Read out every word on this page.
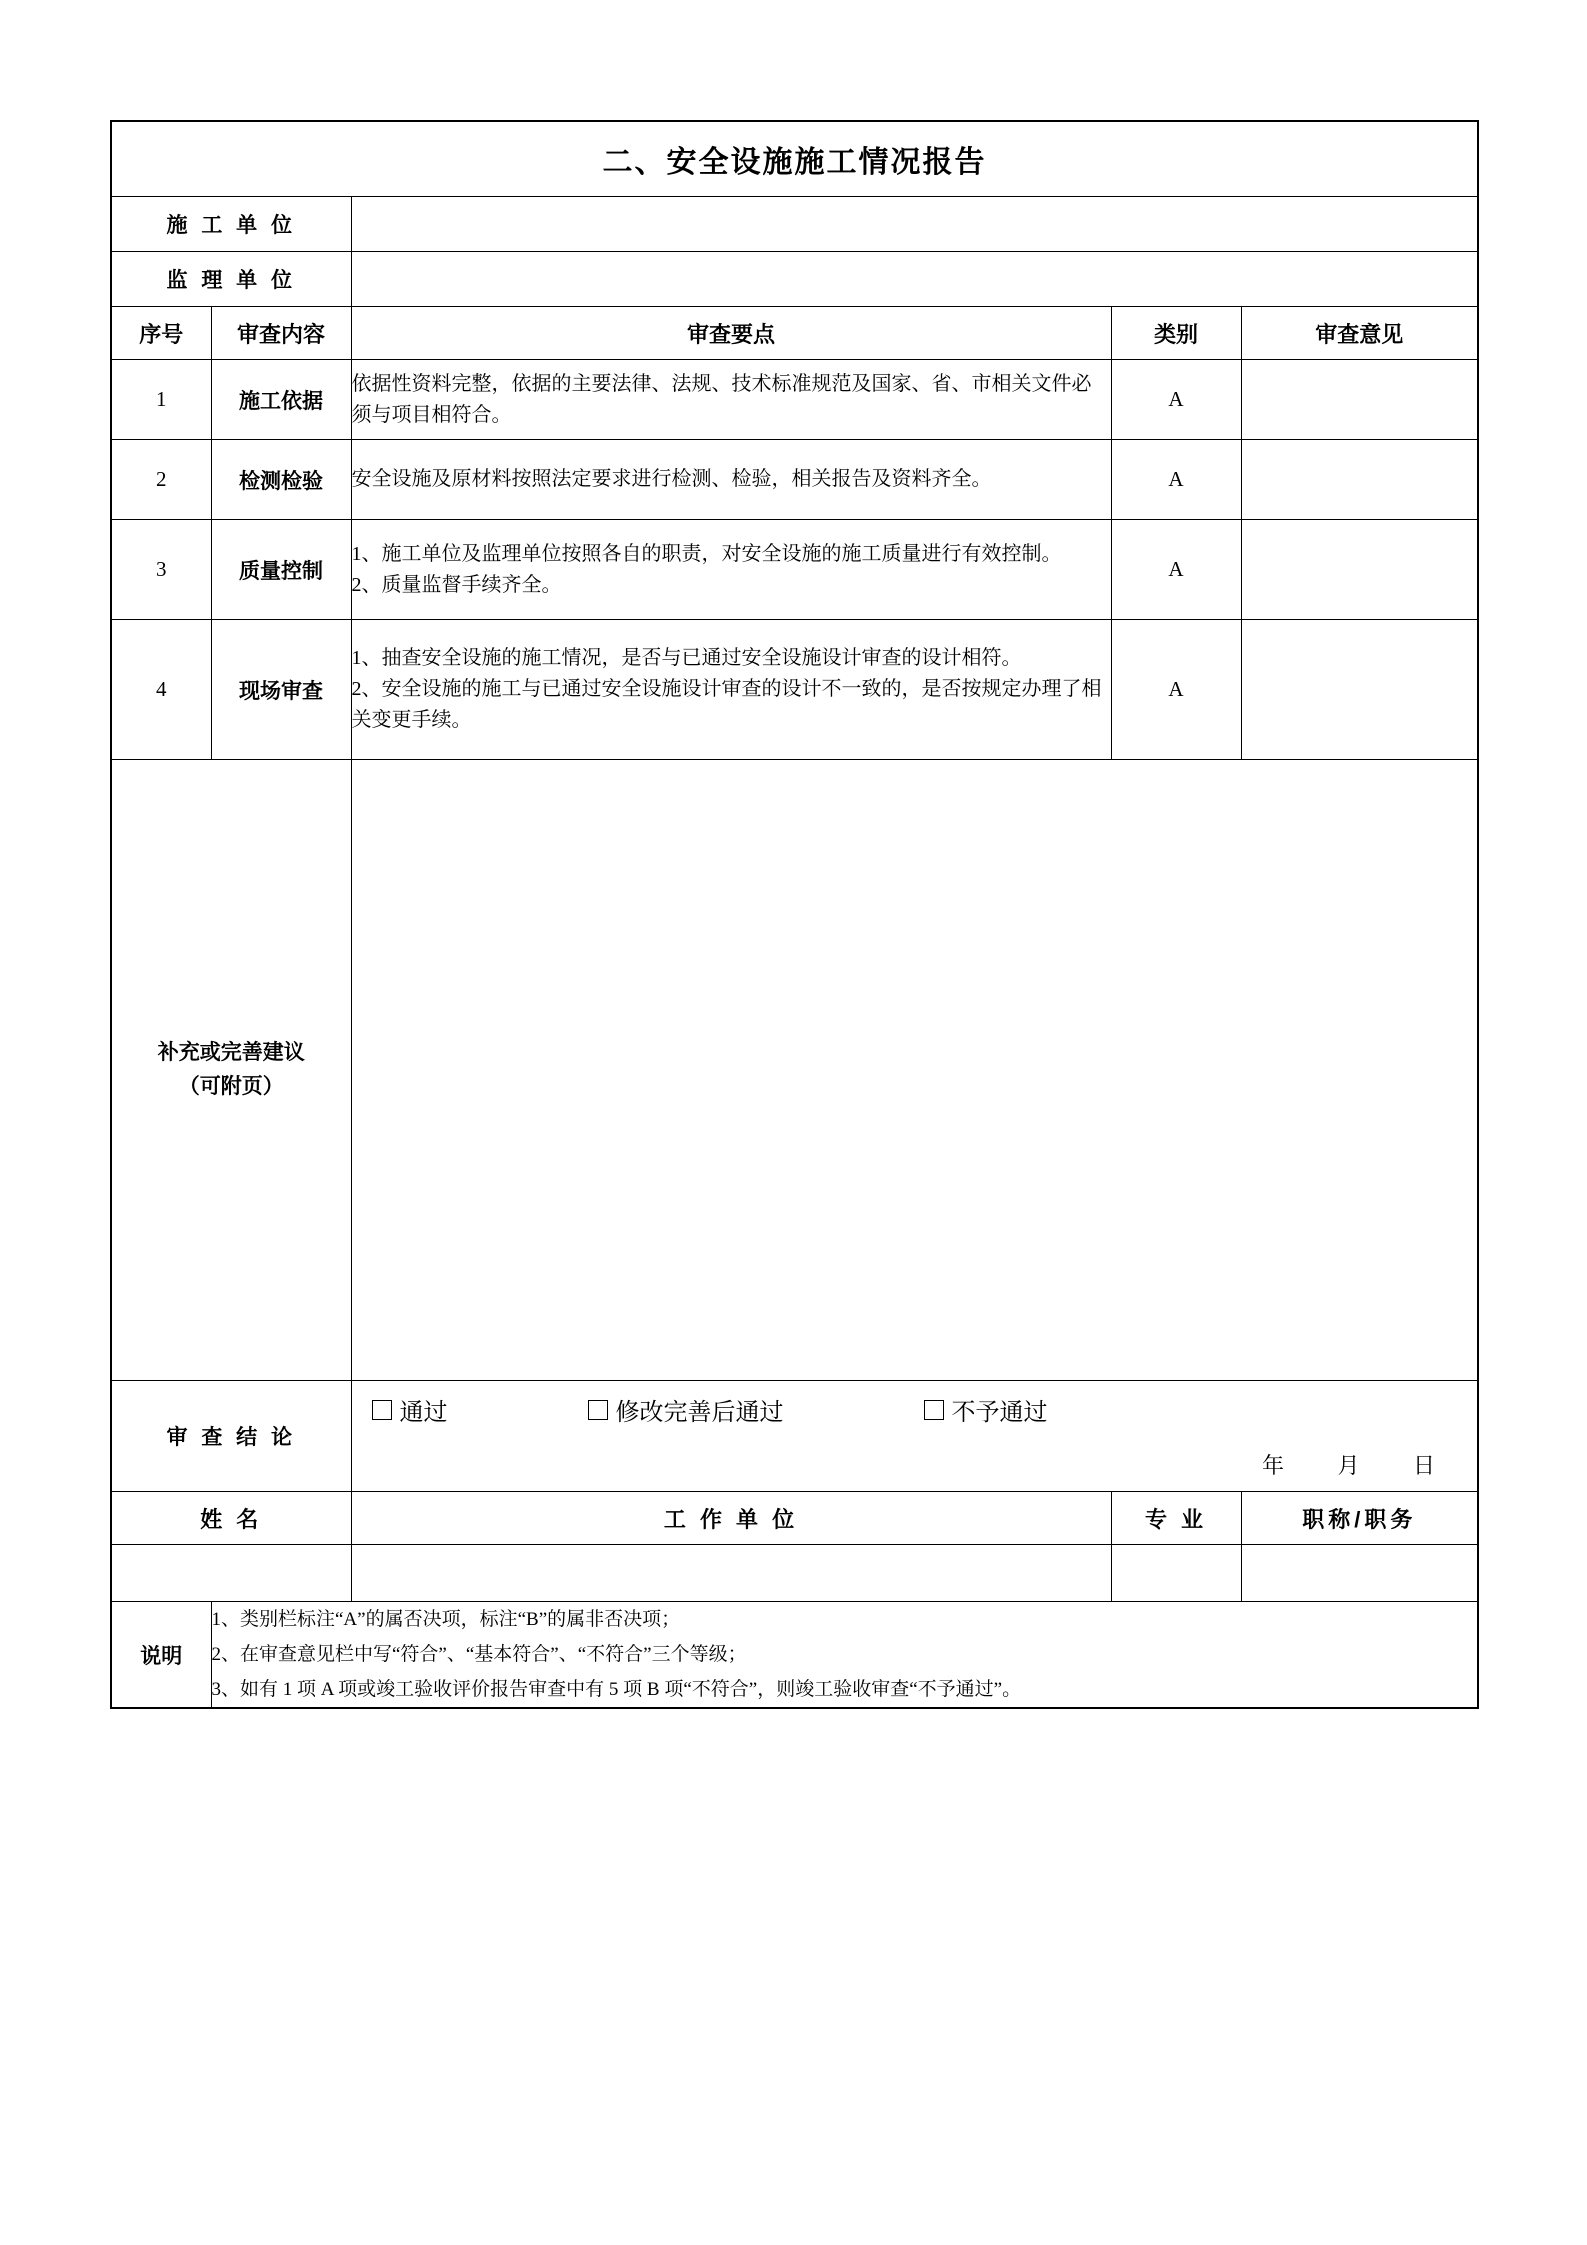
二、安全设施施工情况报告				
施 工 单 位				
监 理 单 位				
序号	审查内容	审查要点	类别	审查意见
1	施工依据	依据性资料完整，依据的主要法律、法规、技术标准规范及国家、省、市相关文件必须与项目相符合。	A	
2	检测检验	安全设施及原材料按照法定要求进行检测、检验，相关报告及资料齐全。	A	
3	质量控制	1、施工单位及监理单位按照各自的职责，对安全设施的施工质量进行有效控制。
2、质量监督手续齐全。	A	
4	现场审查	1、抽查安全设施的施工情况，是否与已通过安全设施设计审查的设计相符。
2、安全设施的施工与已通过安全设施设计审查的设计不一致的，是否按规定办理了相关变更手续。	A	

补充或完善建议
（可附页）				

审 查 结 论		通过 修改完善后通过 不予通过
年 月 日		

姓 名		工 作 单 位	专 业	职称/职务

说明	1、类别栏标注“A”的属否决项，标注“B”的属非否决项；
2、在审查意见栏中写“符合”、“基本符合”、“不符合”三个等级；
3、如有 1 项 A 项或竣工验收评价报告审查中有 5 项 B 项“不符合”，则竣工验收审查“不予通过”。			
